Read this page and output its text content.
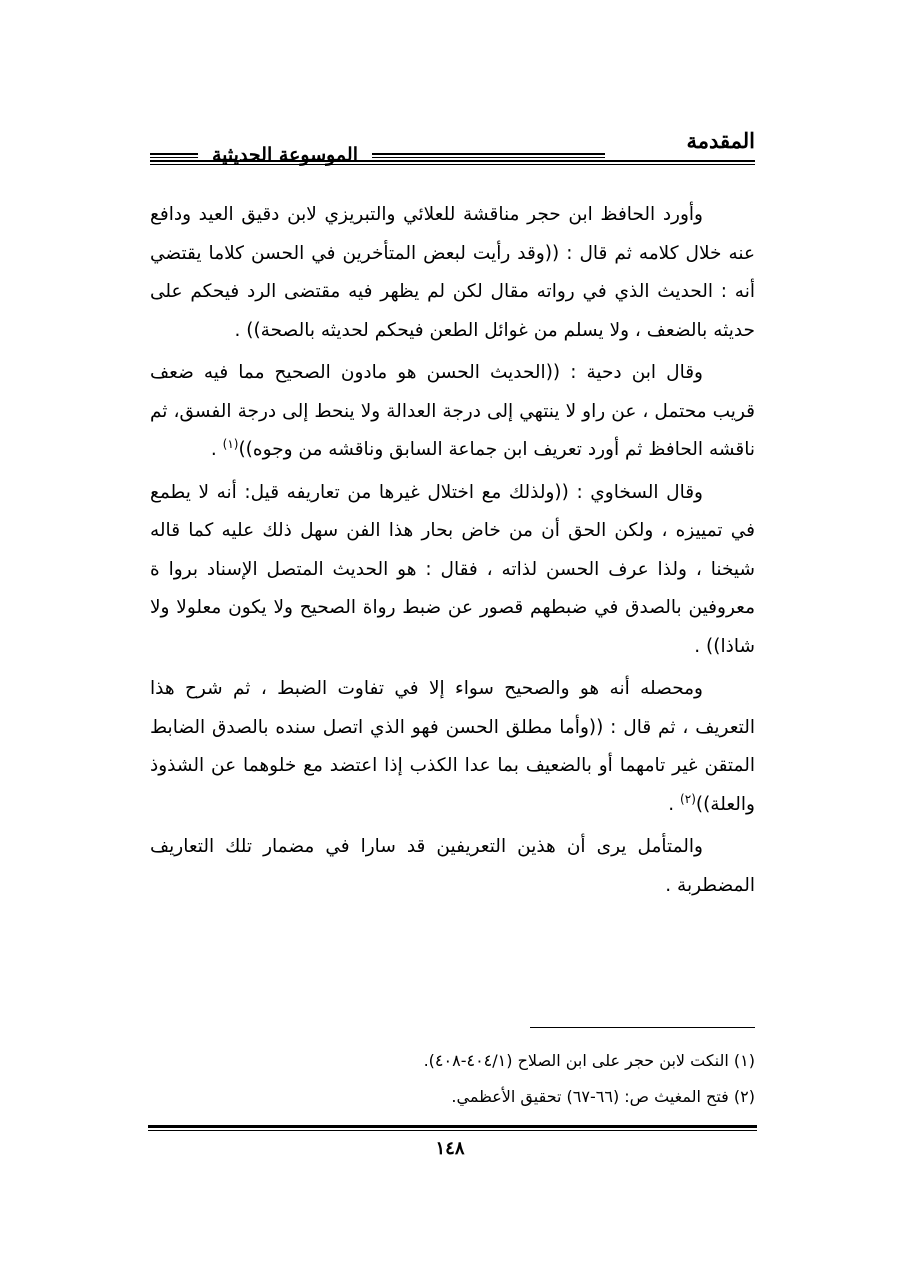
المقدمة
الموسوعة الحديثية

وأورد الحافظ ابن حجر مناقشة للعلائي والتبريزي لابن دقيق العيد ودافع عنه خلال كلامه ثم قال : ((وقد رأيت لبعض المتأخرين في الحسن كلاما يقتضي أنه : الحديث الذي في رواته مقال لكن لم يظهر فيه مقتضى الرد فيحكم على حديثه بالضعف ، ولا يسلم من غوائل الطعن فيحكم لحديثه بالصحة)) .

وقال ابن دحية : ((الحديث الحسن هو مادون الصحيح مما فيه ضعف قريب محتمل ، عن راو لا ينتهي إلى درجة العدالة ولا ينحط إلى درجة الفسق، ثم ناقشه الحافظ ثم أورد تعريف ابن جماعة السابق وناقشه من وجوه))$^{(١)}$ .

وقال السخاوي : ((ولذلك مع اختلال غيرها من تعاريفه قيل: أنه لا يطمع في تمييزه ، ولكن الحق أن من خاض بحار هذا الفن سهل ذلك عليه كما قاله شيخنا ، ولذا عرف الحسن لذاته ، فقال : هو الحديث المتصل الإسناد بروا ة معروفين بالصدق في ضبطهم قصور عن ضبط رواة الصحيح ولا يكون معلولا ولا شاذا)) .

ومحصله أنه هو والصحيح سواء إلا في تفاوت الضبط ، ثم شرح هذا التعريف ، ثم قال : ((وأما مطلق الحسن فهو الذي اتصل سنده بالصدق الضابط المتقن غير تامهما أو بالضعيف بما عدا الكذب إذا اعتضد مع خلوهما عن الشذوذ والعلة))$^{(٢)}$ .

والمتأمل يرى أن هذين التعريفين قد سارا في مضمار تلك التعاريف المضطربة .

(١) النكت لابن حجر على ابن الصلاح (٤٠٤/١-٤٠٨).
(٢) فتح المغيث ص: (٦٦-٦٧) تحقيق الأعظمي.
١٤٨
